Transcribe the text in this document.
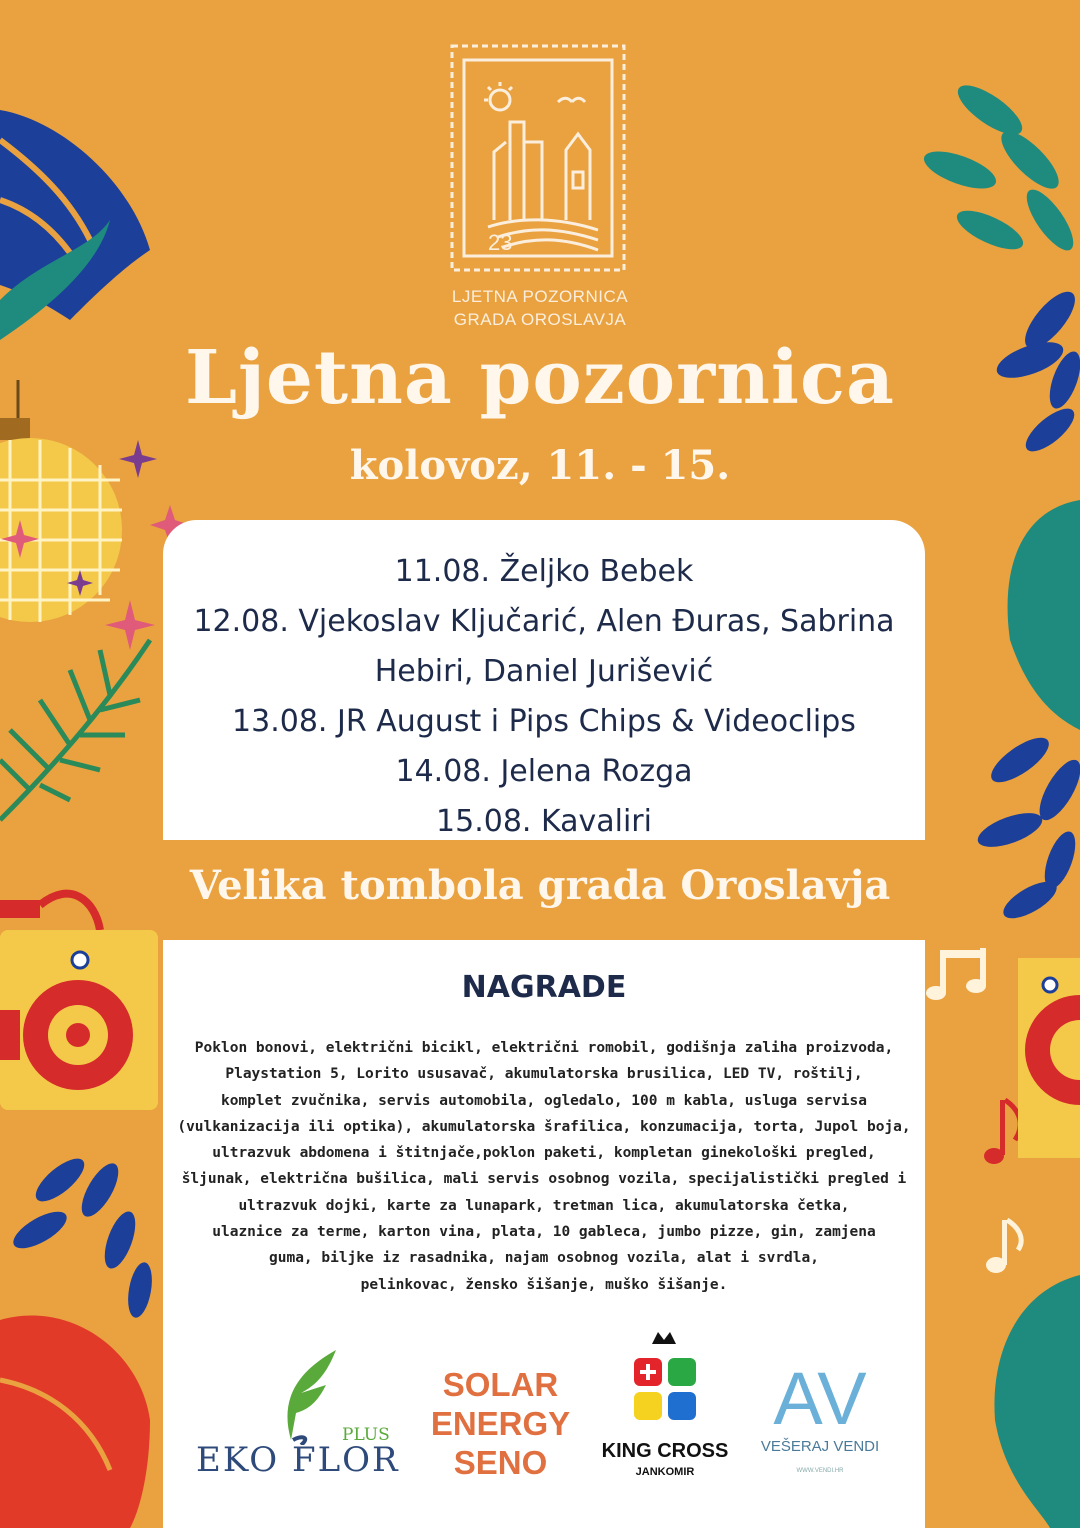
23
LJETNA POZORNICA
GRADA OROSLAVJA
Ljetna pozornica
kolovoz, 11. - 15.
11.08. Željko Bebek
12.08. Vjekoslav Ključarić, Alen Đuras, Sabrina
Hebiri, Daniel Jurišević
13.08. JR August i Pips Chips & Videoclips
14.08. Jelena Rozga
15.08. Kavaliri
Velika tombola grada Oroslavja
NAGRADE
Poklon bonovi, električni bicikl, električni romobil, godišnja zaliha proizvoda,
Playstation 5, Lorito ususavač, akumulatorska brusilica, LED TV, roštilj,
komplet zvučnika, servis automobila, ogledalo, 100 m kabla, usluga servisa
(vulkanizacija ili optika), akumulatorska šrafilica, konzumacija, torta, Jupol boja,
ultrazvuk abdomena i štitnjače,poklon paketi, kompletan ginekološki pregled,
šljunak, električna bušilica, mali servis osobnog vozila, specijalistički pregled i
ultrazvuk dojki, karte za lunapark, tretman lica, akumulatorska četka,
ulaznice za terme, karton vina, plata, 10 gableca, jumbo pizze, gin, zamjena
guma, biljke iz rasadnika, najam osobnog vozila, alat i svrdla,
pelinkovac, žensko šišanje, muško šišanje.
PLUS
EKO FLOR
SOLAR
ENERGY
SENO	KING CROSS
JANKOMIR
AV
VEŠERAJ VENDI
WWW.VENDI.HR
